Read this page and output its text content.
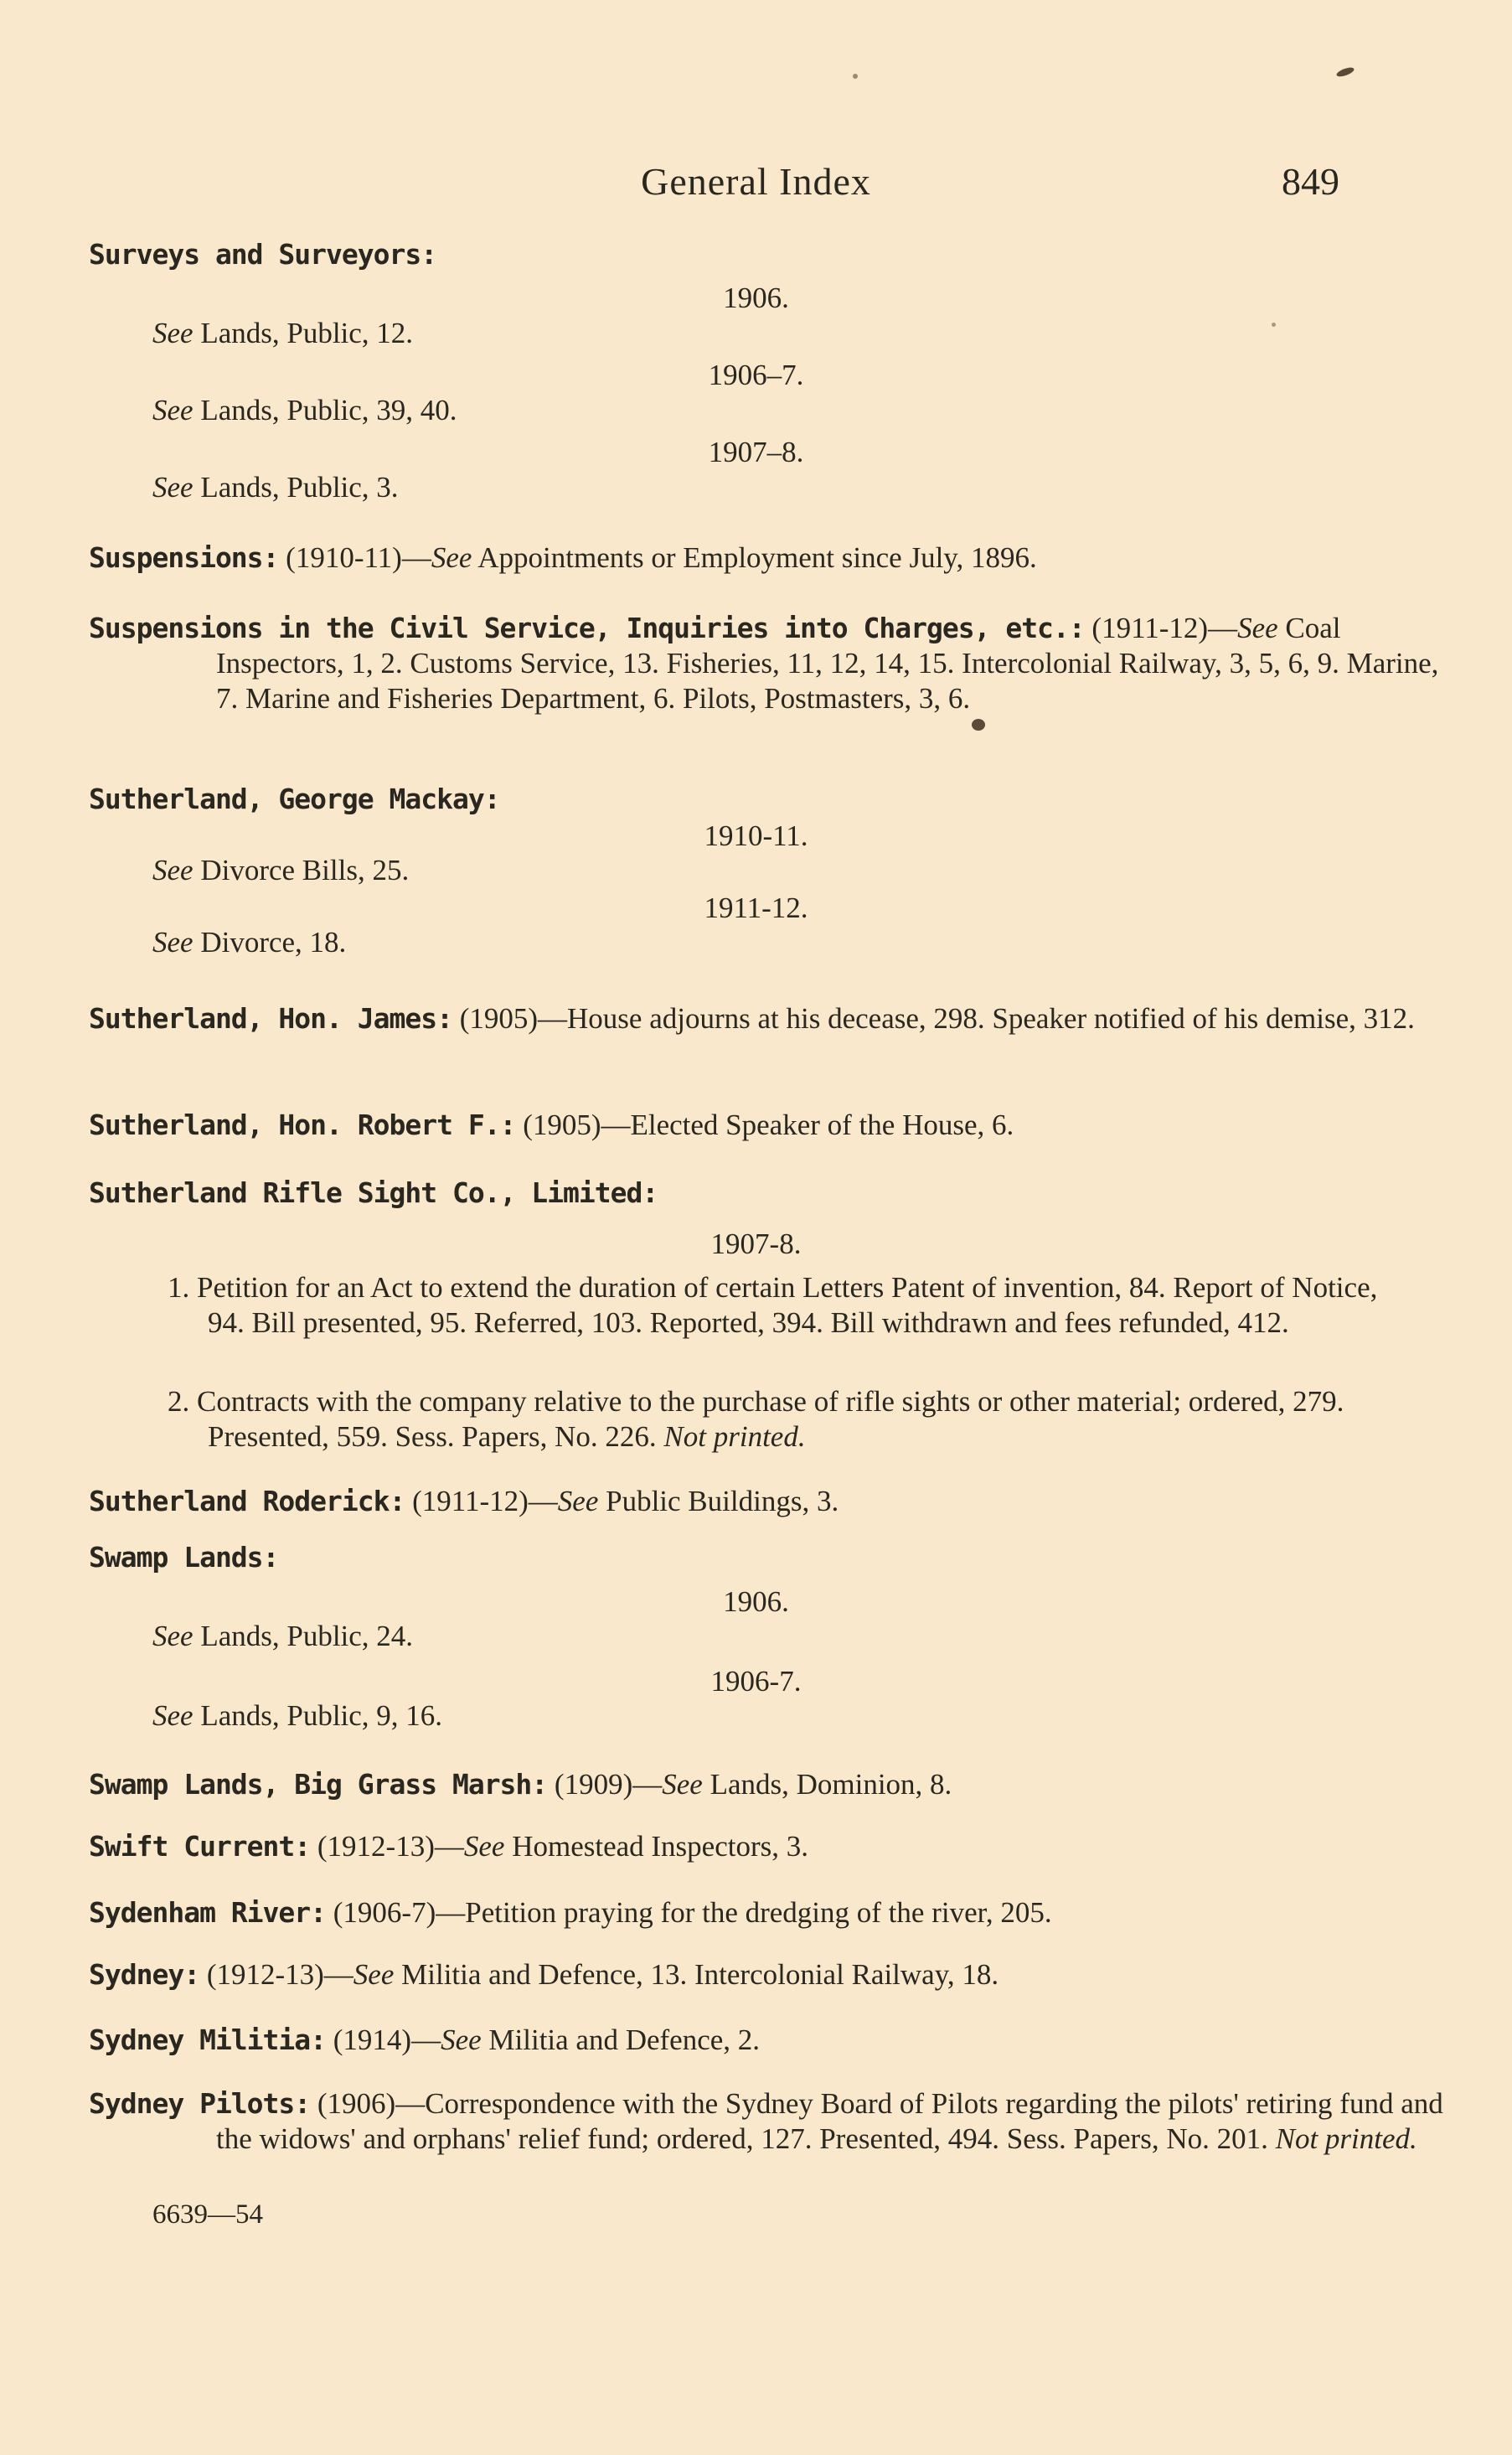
General Index	849
Surveys and Surveyors:
1906.
See Lands, Public, 12.
1906–7.
See Lands, Public, 39, 40.
1907–8.
See Lands, Public, 3.
Suspensions: (1910-11)—See Appointments or Employment since July, 1896.
Suspensions in the Civil Service, Inquiries into Charges, etc.: (1911-12)—See Coal Inspectors, 1, 2. Customs Service, 13. Fisheries, 11, 12, 14, 15. Intercolonial Railway, 3, 5, 6, 9. Marine, 7. Marine and Fisheries Department, 6. Pilots, Postmasters, 3, 6.
Sutherland, George Mackay:
1910-11.
See Divorce Bills, 25.
1911-12.
See Divorce, 18.
Sutherland, Hon. James: (1905)—House adjourns at his decease, 298. Speaker notified of his demise, 312.
Sutherland, Hon. Robert F.: (1905)—Elected Speaker of the House, 6.
Sutherland Rifle Sight Co., Limited:
1907-8.
1. Petition for an Act to extend the duration of certain Letters Patent of invention, 84. Report of Notice, 94. Bill presented, 95. Referred, 103. Reported, 394. Bill withdrawn and fees refunded, 412.
2. Contracts with the company relative to the purchase of rifle sights or other material; ordered, 279. Presented, 559. Sess. Papers, No. 226. Not printed.
Sutherland Roderick: (1911-12)—See Public Buildings, 3.
Swamp Lands:
1906.
See Lands, Public, 24.
1906-7.
See Lands, Public, 9, 16.
Swamp Lands, Big Grass Marsh: (1909)—See Lands, Dominion, 8.
Swift Current: (1912-13)—See Homestead Inspectors, 3.
Sydenham River: (1906-7)—Petition praying for the dredging of the river, 205.
Sydney: (1912-13)—See Militia and Defence, 13. Intercolonial Railway, 18.
Sydney Militia: (1914)—See Militia and Defence, 2.
Sydney Pilots: (1906)—Correspondence with the Sydney Board of Pilots regarding the pilots' retiring fund and the widows' and orphans' relief fund; ordered, 127. Presented, 494. Sess. Papers, No. 201. Not printed.
6639—54
